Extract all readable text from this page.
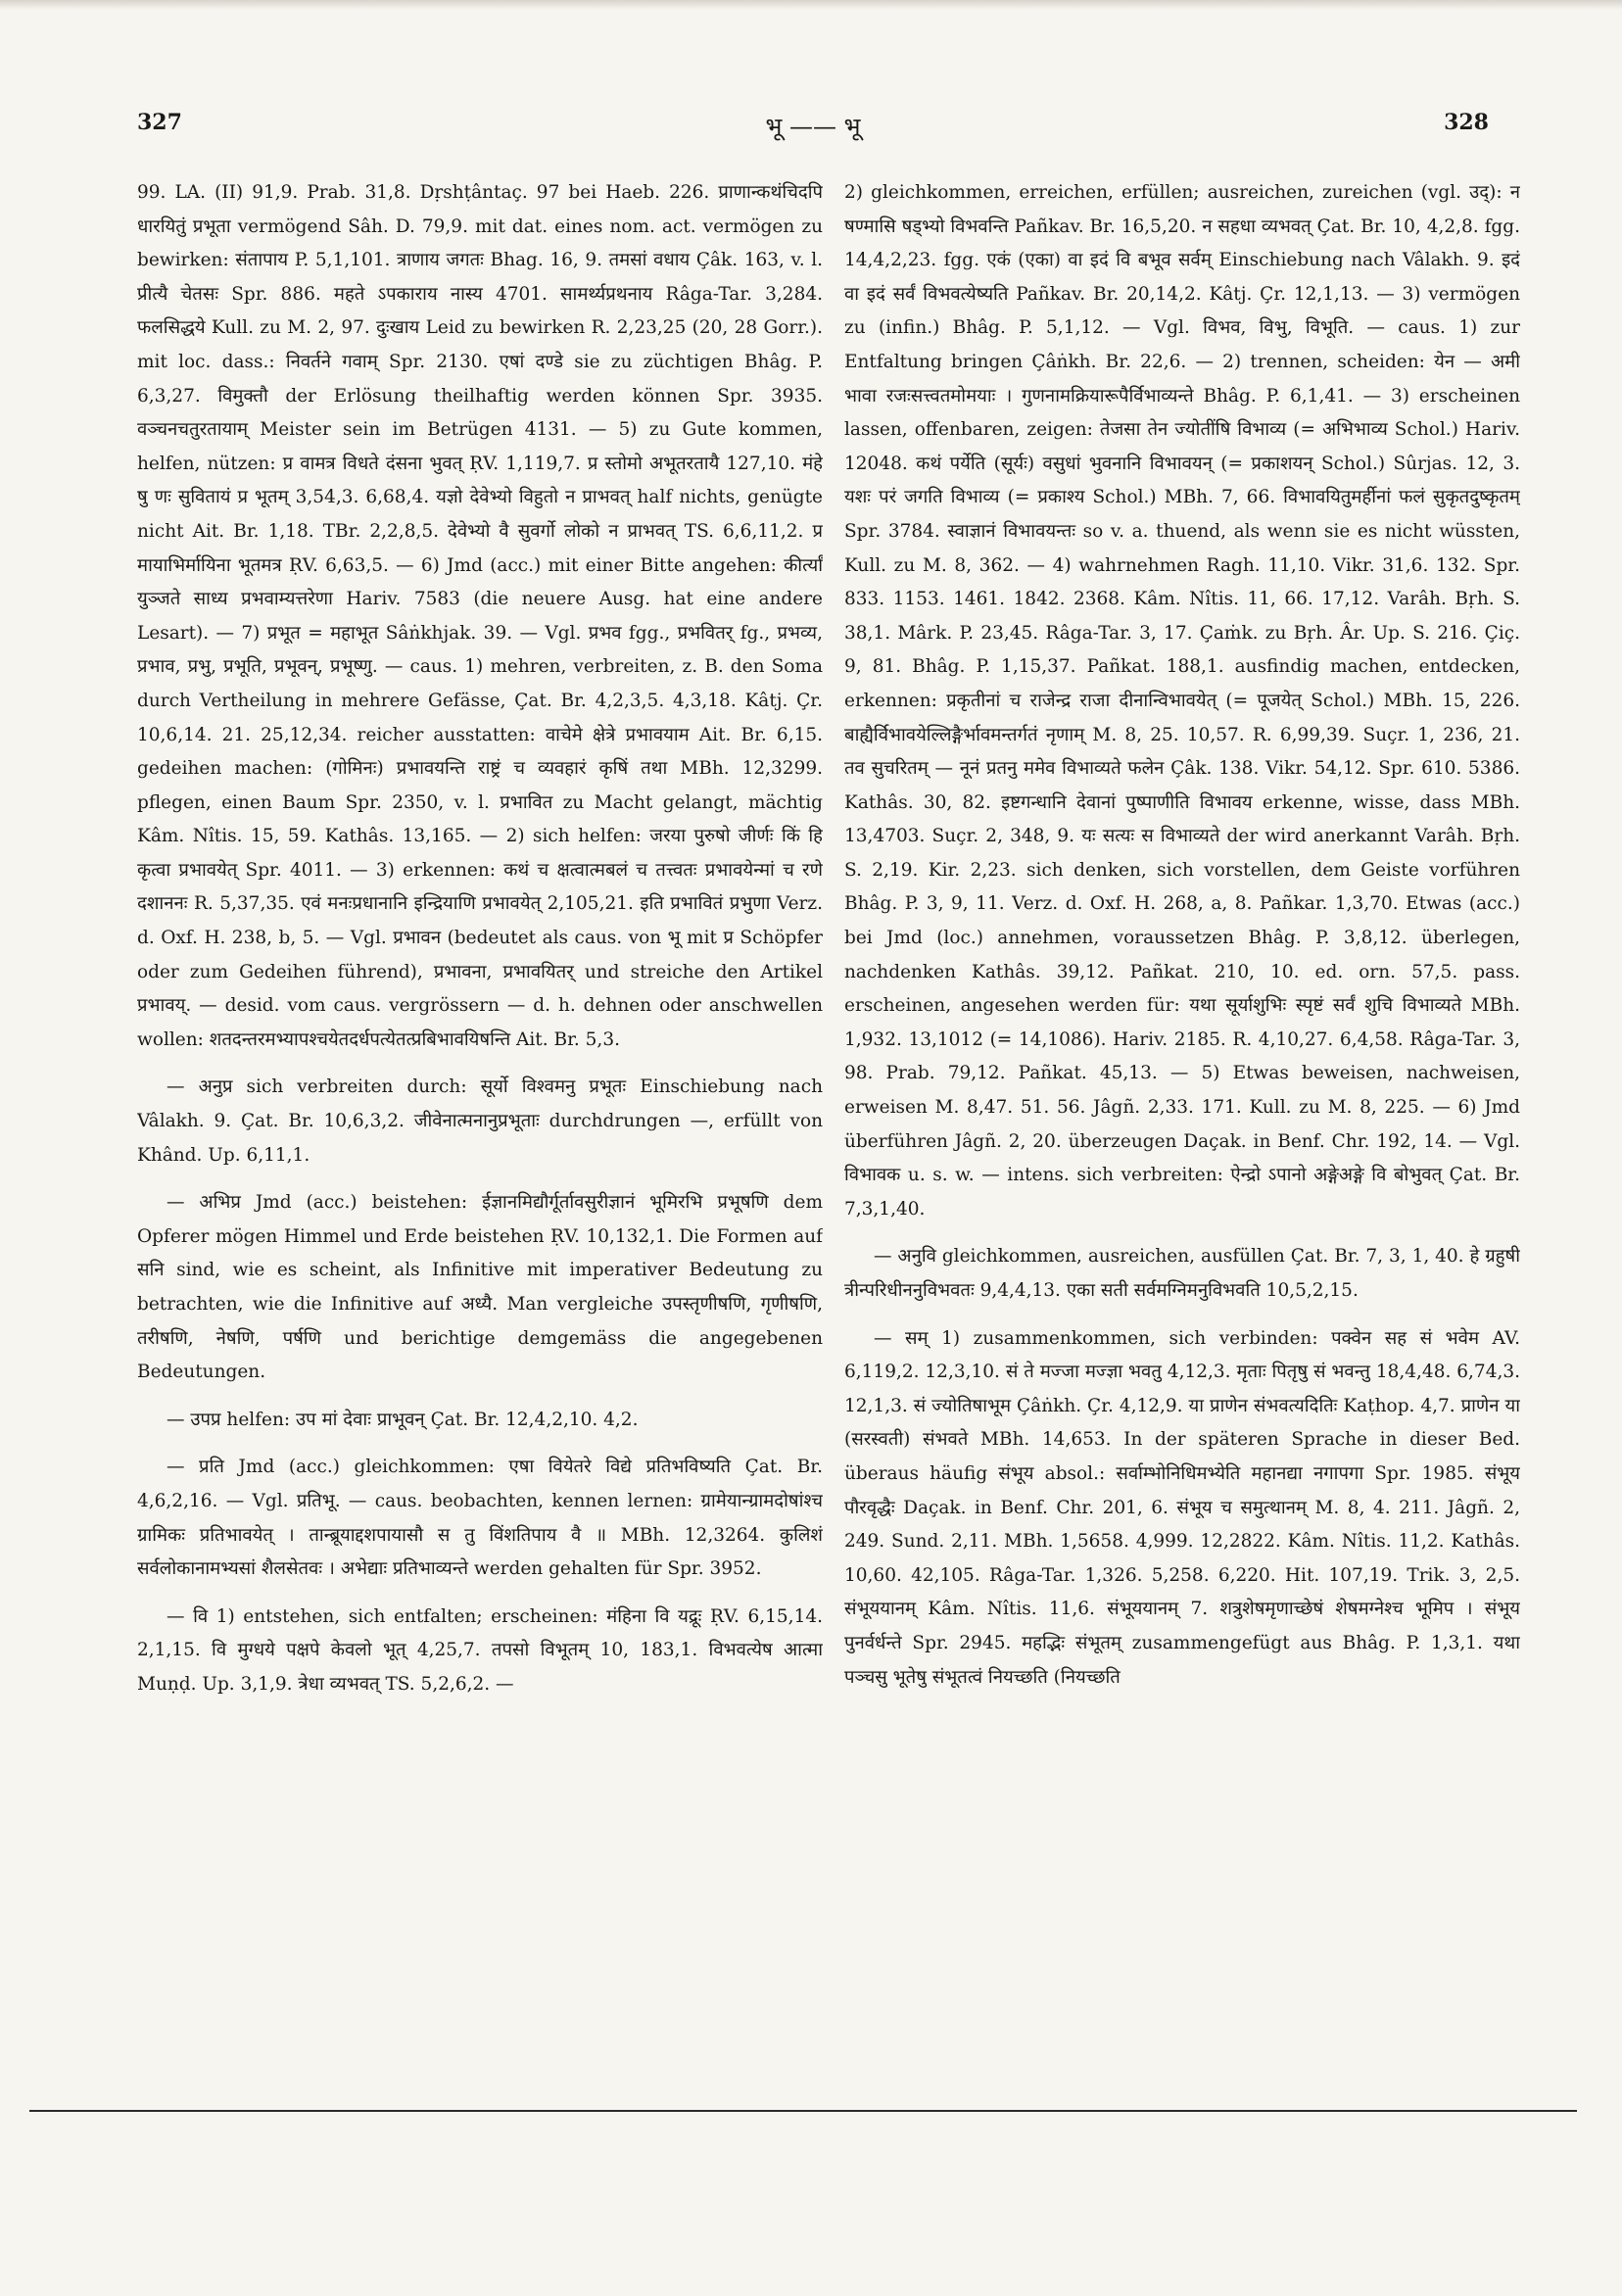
327	भू —— भू	328

99. LA. (II) 91,9. Prab. 31,8. Dṛshṭântaç. 97 bei Haeb. 226. प्राणान्कथंचिदपि धारयितुं प्रभूता vermögend Sâh. D. 79,9. mit dat. eines nom. act. vermögen zu bewirken: संतापाय P. 5,1,101. त्राणाय जगतः Bhag. 16, 9. तमसां वधाय Çâk. 163, v. l. प्रीत्यै चेतसः Spr. 886. महते ऽपकाराय नास्य 4701. सामर्थ्यप्रथनाय Râga-Tar. 3,284. फलसिद्धये Kull. zu M. 2, 97. दुःखाय Leid zu bewirken R. 2,23,25 (20, 28 Gorr.). mit loc. dass.: निवर्तने गवाम् Spr. 2130. एषां दण्डे sie zu züchtigen Bhâg. P. 6,3,27. विमुक्तौ der Erlösung theilhaftig werden können Spr. 3935. वञ्चनचतुरतायाम् Meister sein im Betrügen 4131. — 5) zu Gute kommen, helfen, nützen: प्र वामत्र विधते दंसना भुवत् ṚV. 1,119,7. प्र स्तोमो अभूतरतायै 127,10. मंहे षु णः सुवितायं प्र भूतम् 3,54,3. 6,68,4. यज्ञो देवेभ्यो विहुतो न प्राभवत् half nichts, genügte nicht Ait. Br. 1,18. TBr. 2,2,8,5. देवेभ्यो वै सुवर्गो लोको न प्राभवत् TS. 6,6,11,2. प्र मायाभिर्मायिना भूतमत्र ṚV. 6,63,5. — 6) Jmd (acc.) mit einer Bitte angehen: कीर्त्यां युञ्जते साध्य प्रभवाम्यत्तरेणा Hariv. 7583 (die neuere Ausg. hat eine andere Lesart). — 7) प्रभूत = महाभूत Sâṅkhjak. 39. — Vgl. प्रभव fgg., प्रभवितर् fg., प्रभव्य, प्रभाव, प्रभु, प्रभूति, प्रभूवन्, प्रभूष्णु. — caus. 1) mehren, verbreiten, z. B. den Soma durch Vertheilung in mehrere Gefässe, Çat. Br. 4,2,3,5. 4,3,18. Kâtj. Çr. 10,6,14. 21. 25,12,34. reicher ausstatten: वाचेमे क्षेत्रे प्रभावयाम Ait. Br. 6,15. gedeihen machen: (गोमिनः) प्रभावयन्ति राष्ट्रं च व्यवहारं कृषिं तथा MBh. 12,3299. pflegen, einen Baum Spr. 2350, v. l. प्रभावित zu Macht gelangt, mächtig Kâm. Nîtis. 15, 59. Kathâs. 13,165. — 2) sich helfen: जरया पुरुषो जीर्णः किं हि कृत्वा प्रभावयेत् Spr. 4011. — 3) erkennen: कथं च क्षत्वात्मबलं च तत्त्वतः प्रभावयेन्मां च रणे दशाननः R. 5,37,35. एवं मनःप्रधानानि इन्द्रियाणि प्रभावयेत् 2,105,21. इति प्रभावितं प्रभुणा Verz. d. Oxf. H. 238, b, 5. — Vgl. प्रभावन (bedeutet als caus. von भू mit प्र Schöpfer oder zum Gedeihen führend), प्रभावना, प्रभावयितर् und streiche den Artikel प्रभावय्. — desid. vom caus. vergrössern — d. h. dehnen oder anschwellen wollen: शतदन्तरमभ्यापश्चयेतदर्धपत्येतत्प्रबिभावयिषन्ति Ait. Br. 5,3.

— अनुप्र sich verbreiten durch: सूर्यो विश्वमनु प्रभूतः Einschiebung nach Vâlakh. 9. Çat. Br. 10,6,3,2. जीवेनात्मनानुप्रभूताः durchdrungen —, erfüllt von Khând. Up. 6,11,1.

— अभिप्र Jmd (acc.) beistehen: ईज्ञानमिद्यौर्गूर्तावसुरीज्ञानं भूमिरभि प्रभूषणि dem Opferer mögen Himmel und Erde beistehen ṚV. 10,132,1. Die Formen auf सनि sind, wie es scheint, als Infinitive mit imperativer Bedeutung zu betrachten, wie die Infinitive auf अध्यै. Man vergleiche उपस्तृणीषणि, गृणीषणि, तरीषणि, नेषणि, पर्षणि und berichtige demgemäss die angegebenen Bedeutungen.

— उपप्र helfen: उप मां देवाः प्राभूवन् Çat. Br. 12,4,2,10. 4,2.

— प्रति Jmd (acc.) gleichkommen: एषा वियेतरे विद्ये प्रतिभविष्यति Çat. Br. 4,6,2,16. — Vgl. प्रतिभू. — caus. beobachten, kennen lernen: ग्रामेयान्ग्रामदोषांश्च ग्रामिकः प्रतिभावयेत् । तान्ब्रूयाद्दशपायासौ स तु विंशतिपाय वै ॥ MBh. 12,3264. कुलिशं सर्वलोकानामभ्यसां शैलसेतवः । अभेद्याः प्रतिभाव्यन्ते werden gehalten für Spr. 3952.

— वि 1) entstehen, sich entfalten; erscheinen: मंहिना वि यद्रूः ṚV. 6,15,14. 2,1,15. वि मुग्धये पक्षपे केवलो भूत् 4,25,7. तपसो विभूतम् 10, 183,1. विभवत्येष आत्मा Muṇḍ. Up. 3,1,9. त्रेधा व्यभवत् TS. 5,2,6,2. —

2) gleichkommen, erreichen, erfüllen; ausreichen, zureichen (vgl. उद्): न षण्मासि षड्भ्यो विभवन्ति Pañkav. Br. 16,5,20. न सहधा व्यभवत् Çat. Br. 10, 4,2,8. fgg. 14,4,2,23. fgg. एकं (एका) वा इदं वि बभूव सर्वम् Einschiebung nach Vâlakh. 9. इदं वा इदं सर्वं विभवत्येष्यति Pañkav. Br. 20,14,2. Kâtj. Çr. 12,1,13. — 3) vermögen zu (infin.) Bhâg. P. 5,1,12. — Vgl. विभव, विभु, विभूति. — caus. 1) zur Entfaltung bringen Çâṅkh. Br. 22,6. — 2) trennen, scheiden: येन — अमी भावा रजःसत्त्वतमोमयाः । गुणनामक्रियारूपैर्विभाव्यन्ते Bhâg. P. 6,1,41. — 3) erscheinen lassen, offenbaren, zeigen: तेजसा तेन ज्योतींषि विभाव्य (= अभिभाव्य Schol.) Hariv. 12048. कथं पर्येति (सूर्यः) वसुधां भुवनानि विभावयन् (= प्रकाशयन् Schol.) Sûrjas. 12, 3. यशः परं जगति विभाव्य (= प्रकाश्य Schol.) MBh. 7, 66. विभावयितुमर्हीनां फलं सुकृतदुष्कृतम् Spr. 3784. स्वाज्ञानं विभावयन्तः so v. a. thuend, als wenn sie es nicht wüssten, Kull. zu M. 8, 362. — 4) wahrnehmen Ragh. 11,10. Vikr. 31,6. 132. Spr. 833. 1153. 1461. 1842. 2368. Kâm. Nîtis. 11, 66. 17,12. Varâh. Bṛh. S. 38,1. Mârk. P. 23,45. Râga-Tar. 3, 17. Çaṁk. zu Bṛh. Âr. Up. S. 216. Çiç. 9, 81. Bhâg. P. 1,15,37. Pañkat. 188,1. ausfindig machen, entdecken, erkennen: प्रकृतीनां च राजेन्द्र राजा दीनान्विभावयेत् (= पूजयेत् Schol.) MBh. 15, 226. बाह्यैर्विभावयेल्लिङ्गैर्भावमन्तर्गतं नृणाम् M. 8, 25. 10,57. R. 6,99,39. Suçr. 1, 236, 21. तव सुचरितम् — नूनं प्रतनु ममेव विभाव्यते फलेन Çâk. 138. Vikr. 54,12. Spr. 610. 5386. Kathâs. 30, 82. इष्टगन्धानि देवानां पुष्पाणीति विभावय erkenne, wisse, dass MBh. 13,4703. Suçr. 2, 348, 9. यः सत्यः स विभाव्यते der wird anerkannt Varâh. Bṛh. S. 2,19. Kir. 2,23. sich denken, sich vorstellen, dem Geiste vorführen Bhâg. P. 3, 9, 11. Verz. d. Oxf. H. 268, a, 8. Pañkar. 1,3,70. Etwas (acc.) bei Jmd (loc.) annehmen, voraussetzen Bhâg. P. 3,8,12. überlegen, nachdenken Kathâs. 39,12. Pañkat. 210, 10. ed. orn. 57,5. pass. erscheinen, angesehen werden für: यथा सूर्याशुभिः स्पृष्टं सर्वं शुचि विभाव्यते MBh. 1,932. 13,1012 (= 14,1086). Hariv. 2185. R. 4,10,27. 6,4,58. Râga-Tar. 3, 98. Prab. 79,12. Pañkat. 45,13. — 5) Etwas beweisen, nachweisen, erweisen M. 8,47. 51. 56. Jâgñ. 2,33. 171. Kull. zu M. 8, 225. — 6) Jmd überführen Jâgñ. 2, 20. überzeugen Daçak. in Benf. Chr. 192, 14. — Vgl. विभावक u. s. w. — intens. sich verbreiten: ऐन्द्रो ऽपानो अङ्गेअङ्गे वि बोभुवत् Çat. Br. 7,3,1,40.

— अनुवि gleichkommen, ausreichen, ausfüllen Çat. Br. 7, 3, 1, 40. हे ग्रहुषी त्रीन्परिधीननुविभवतः 9,4,4,13. एका सती सर्वमग्निमनुविभवति 10,5,2,15.

— सम् 1) zusammenkommen, sich verbinden: पक्वेन सह सं भवेम AV. 6,119,2. 12,3,10. सं ते मज्जा मज्ज्ञा भवतु 4,12,3. मृताः पितृषु सं भवन्तु 18,4,48. 6,74,3. 12,1,3. सं ज्योतिषाभूम Çâṅkh. Çr. 4,12,9. या प्राणेन संभवत्यदितिः Kaṭhop. 4,7. प्राणेन या (सरस्वती) संभवते MBh. 14,653. In der späteren Sprache in dieser Bed. überaus häufig संभूय absol.: सर्वाम्भोनिधिमभ्येति महानद्या नगापगा Spr. 1985. संभूय पौरवृद्धैः Daçak. in Benf. Chr. 201, 6. संभूय च समुत्थानम् M. 8, 4. 211. Jâgñ. 2, 249. Sund. 2,11. MBh. 1,5658. 4,999. 12,2822. Kâm. Nîtis. 11,2. Kathâs. 10,60. 42,105. Râga-Tar. 1,326. 5,258. 6,220. Hit. 107,19. Trik. 3, 2,5. संभूययानम् Kâm. Nîtis. 11,6. संभूययानम् 7. शत्रुशेषमृणाच्छेषं शेषमग्नेश्च भूमिप । संभूय पुनर्वर्धन्ते Spr. 2945. महद्भिः संभूतम् zusammengefügt aus Bhâg. P. 1,3,1. यथा पञ्चसु भूतेषु संभूतत्वं नियच्छति (नियच्छति
